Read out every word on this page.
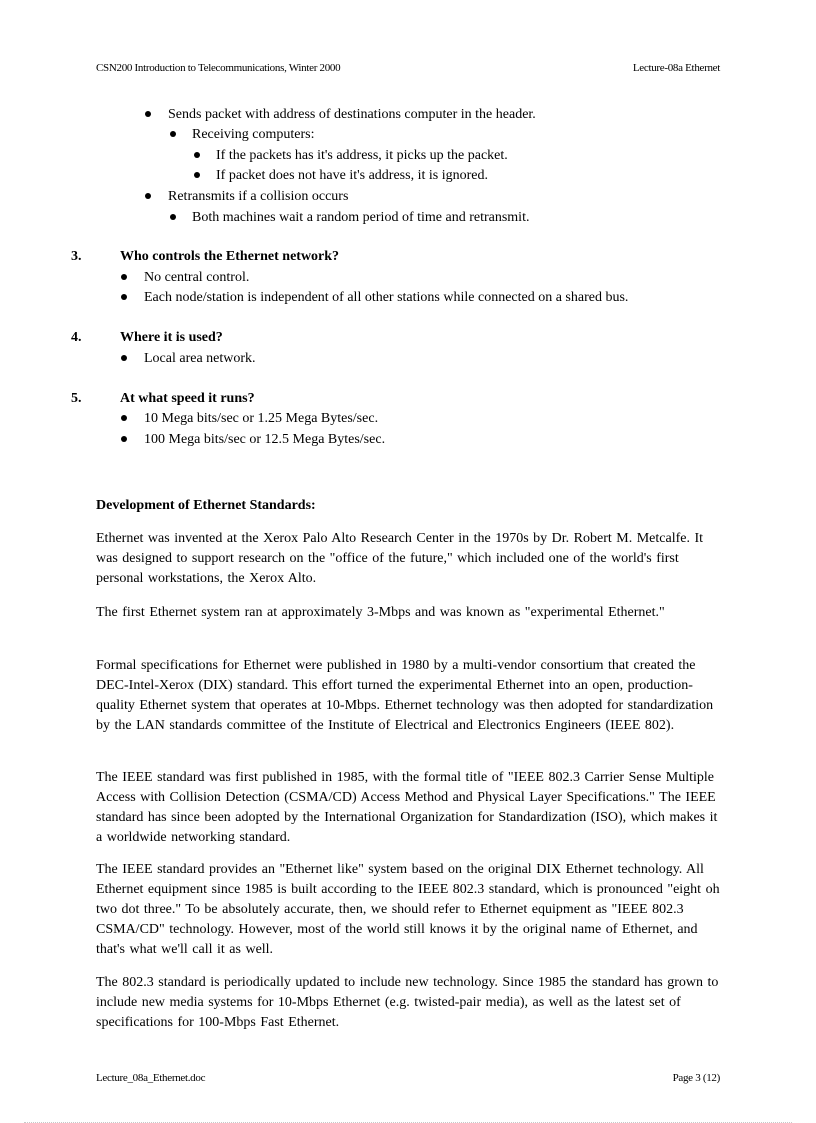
CSN200 Introduction to Telecommunications, Winter 2000	Lecture-08a Ethernet
Sends packet with address of destinations computer in the header.
Receiving computers:
If the packets has it's address, it picks up the packet.
If packet does not have it's address, it is ignored.
Retransmits if a collision occurs
Both machines wait a random period of time and retransmit.
3.	Who controls the Ethernet network?
No central control.
Each node/station is independent of all other stations while connected on a shared bus.
4.	Where it is used?
Local area network.
5.	At what speed it runs?
10 Mega bits/sec or 1.25 Mega Bytes/sec.
100 Mega bits/sec or 12.5 Mega Bytes/sec.
Development of Ethernet Standards:
Ethernet was invented at the Xerox Palo Alto Research Center in the 1970s by Dr. Robert M. Metcalfe. It was designed to support research on the "office of the future," which included one of the world's first personal workstations, the Xerox Alto.
The first Ethernet system ran at approximately 3-Mbps and was known as "experimental Ethernet."
Formal specifications for Ethernet were published in 1980 by a multi-vendor consortium that created the DEC-Intel-Xerox (DIX) standard. This effort turned the experimental Ethernet into an open, production-quality Ethernet system that operates at 10-Mbps. Ethernet technology was then adopted for standardization by the LAN standards committee of the Institute of Electrical and Electronics Engineers (IEEE 802).
The IEEE standard was first published in 1985, with the formal title of "IEEE 802.3 Carrier Sense Multiple Access with Collision Detection (CSMA/CD) Access Method and Physical Layer Specifications." The IEEE standard has since been adopted by the International Organization for Standardization (ISO), which makes it a worldwide networking standard.
The IEEE standard provides an "Ethernet like" system based on the original DIX Ethernet technology. All Ethernet equipment since 1985 is built according to the IEEE 802.3 standard, which is pronounced "eight oh two dot three." To be absolutely accurate, then, we should refer to Ethernet equipment as "IEEE 802.3 CSMA/CD" technology. However, most of the world still knows it by the original name of Ethernet, and that's what we'll call it as well.
The 802.3 standard is periodically updated to include new technology. Since 1985 the standard has grown to include new media systems for 10-Mbps Ethernet (e.g. twisted-pair media), as well as the latest set of specifications for 100-Mbps Fast Ethernet.
Lecture_08a_Ethernet.doc	Page 3 (12)
